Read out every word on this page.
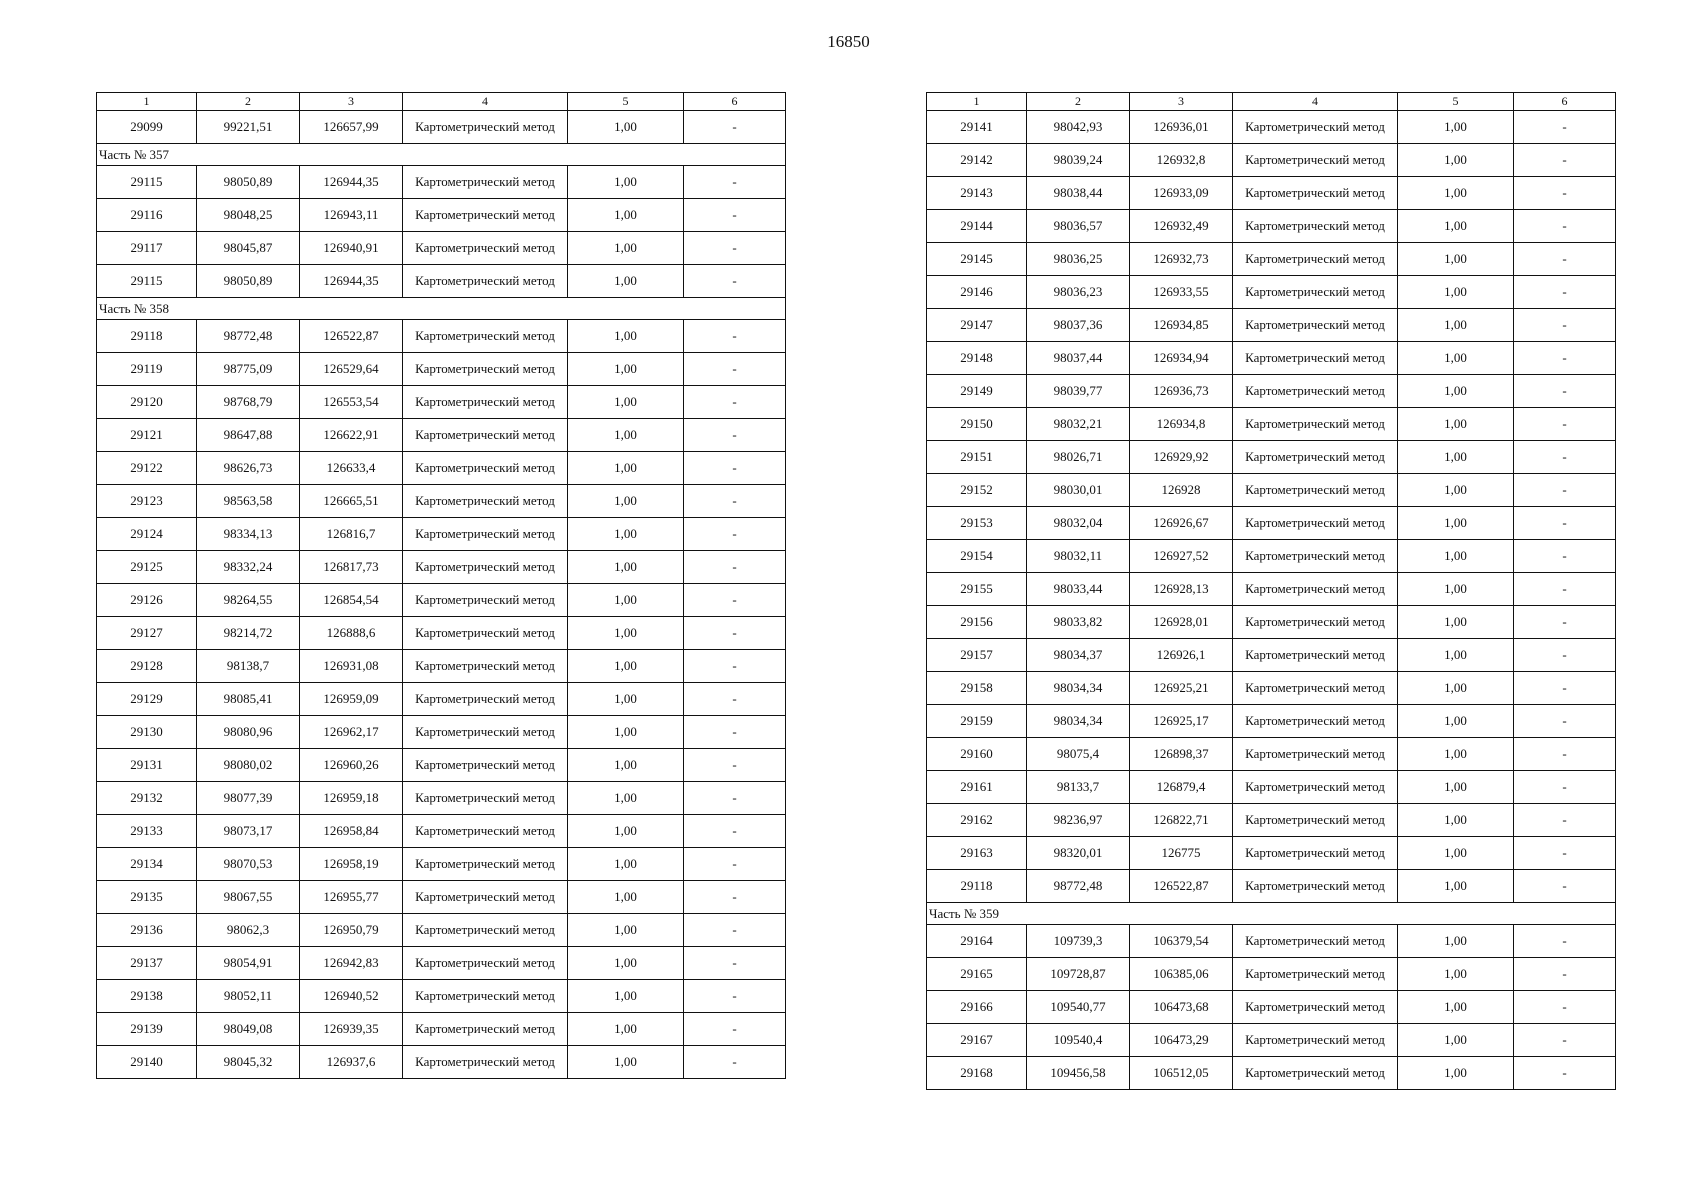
16850
1	2	3	4	5	6
29099	99221,51	126657,99	Картометрический метод	1,00	-
Часть № 357					
29115	98050,89	126944,35	Картометрический метод	1,00	-
29116	98048,25	126943,11	Картометрический метод	1,00	-
29117	98045,87	126940,91	Картометрический метод	1,00	-
29115	98050,89	126944,35	Картометрический метод	1,00	-
Часть № 358					
29118	98772,48	126522,87	Картометрический метод	1,00	-
29119	98775,09	126529,64	Картометрический метод	1,00	-
29120	98768,79	126553,54	Картометрический метод	1,00	-
29121	98647,88	126622,91	Картометрический метод	1,00	-
29122	98626,73	126633,4	Картометрический метод	1,00	-
29123	98563,58	126665,51	Картометрический метод	1,00	-
29124	98334,13	126816,7	Картометрический метод	1,00	-
29125	98332,24	126817,73	Картометрический метод	1,00	-
29126	98264,55	126854,54	Картометрический метод	1,00	-
29127	98214,72	126888,6	Картометрический метод	1,00	-
29128	98138,7	126931,08	Картометрический метод	1,00	-
29129	98085,41	126959,09	Картометрический метод	1,00	-
29130	98080,96	126962,17	Картометрический метод	1,00	-
29131	98080,02	126960,26	Картометрический метод	1,00	-
29132	98077,39	126959,18	Картометрический метод	1,00	-
29133	98073,17	126958,84	Картометрический метод	1,00	-
29134	98070,53	126958,19	Картометрический метод	1,00	-
29135	98067,55	126955,77	Картометрический метод	1,00	-
29136	98062,3	126950,79	Картометрический метод	1,00	-
29137	98054,91	126942,83	Картометрический метод	1,00	-
29138	98052,11	126940,52	Картометрический метод	1,00	-
29139	98049,08	126939,35	Картометрический метод	1,00	-
29140	98045,32	126937,6	Картометрический метод	1,00	-
1	2	3	4	5	6
29141	98042,93	126936,01	Картометрический метод	1,00	-
29142	98039,24	126932,8	Картометрический метод	1,00	-
29143	98038,44	126933,09	Картометрический метод	1,00	-
29144	98036,57	126932,49	Картометрический метод	1,00	-
29145	98036,25	126932,73	Картометрический метод	1,00	-
29146	98036,23	126933,55	Картометрический метод	1,00	-
29147	98037,36	126934,85	Картометрический метод	1,00	-
29148	98037,44	126934,94	Картометрический метод	1,00	-
29149	98039,77	126936,73	Картометрический метод	1,00	-
29150	98032,21	126934,8	Картометрический метод	1,00	-
29151	98026,71	126929,92	Картометрический метод	1,00	-
29152	98030,01	126928	Картометрический метод	1,00	-
29153	98032,04	126926,67	Картометрический метод	1,00	-
29154	98032,11	126927,52	Картометрический метод	1,00	-
29155	98033,44	126928,13	Картометрический метод	1,00	-
29156	98033,82	126928,01	Картометрический метод	1,00	-
29157	98034,37	126926,1	Картометрический метод	1,00	-
29158	98034,34	126925,21	Картометрический метод	1,00	-
29159	98034,34	126925,17	Картометрический метод	1,00	-
29160	98075,4	126898,37	Картометрический метод	1,00	-
29161	98133,7	126879,4	Картометрический метод	1,00	-
29162	98236,97	126822,71	Картометрический метод	1,00	-
29163	98320,01	126775	Картометрический метод	1,00	-
29118	98772,48	126522,87	Картометрический метод	1,00	-
Часть № 359					
29164	109739,3	106379,54	Картометрический метод	1,00	-
29165	109728,87	106385,06	Картометрический метод	1,00	-
29166	109540,77	106473,68	Картометрический метод	1,00	-
29167	109540,4	106473,29	Картометрический метод	1,00	-
29168	109456,58	106512,05	Картометрический метод	1,00	-
